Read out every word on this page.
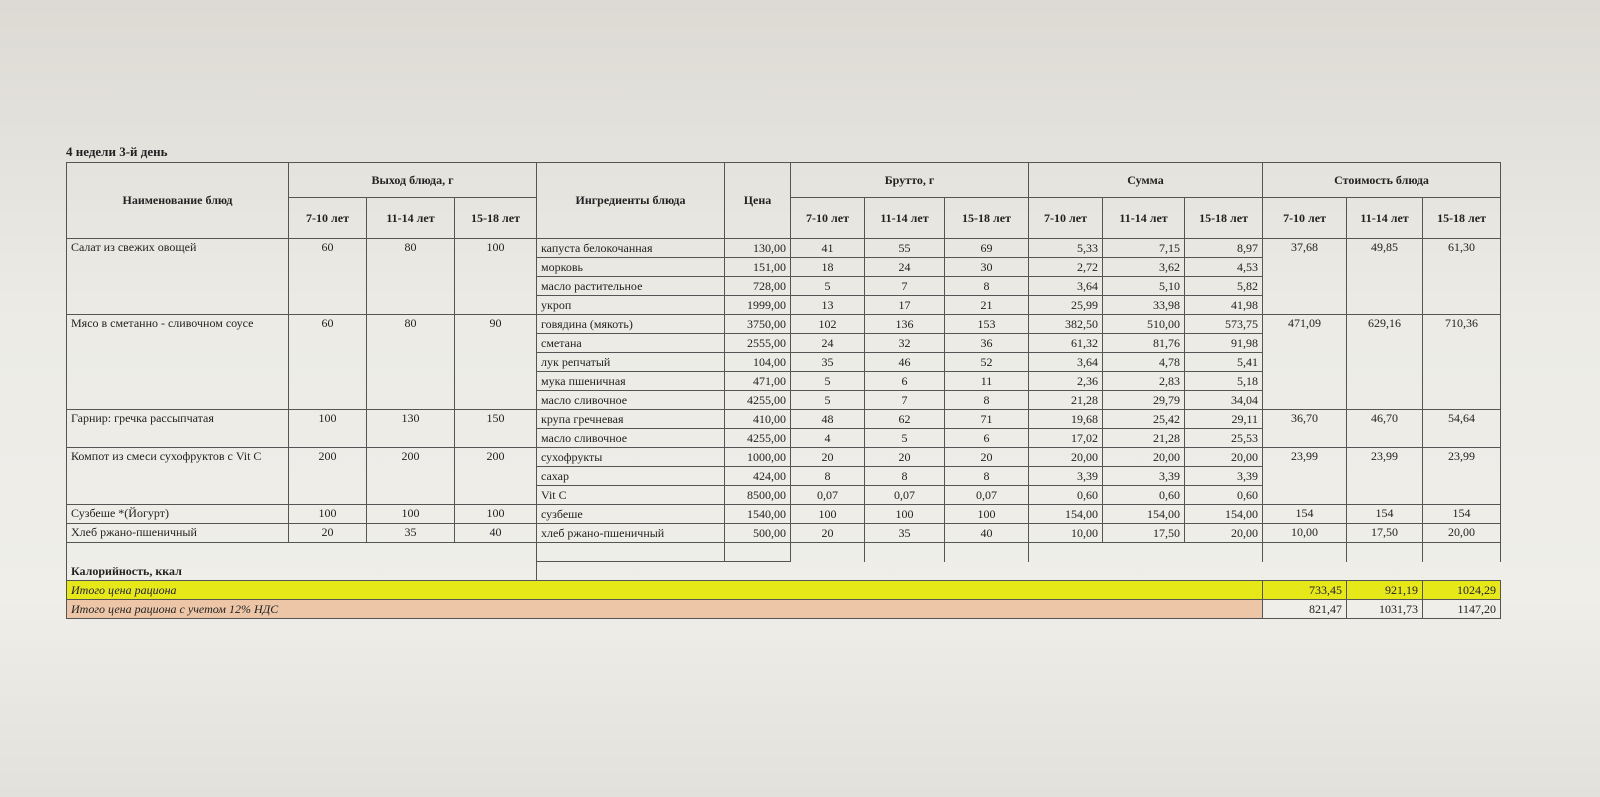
4 недели 3-й день
Наименование блюд	Выход блюда, г			Ингредиенты блюда	Цена	Брутто, г			Сумма			Стоимость блюда		
	7-10 лет	11-14 лет	15-18 лет			7-10 лет	11-14 лет	15-18 лет	7-10 лет	11-14 лет	15-18 лет	7-10 лет	11-14 лет	15-18 лет
Салат из свежих овощей	60	80	100	капуста белокочанная	130,00	41	55	69	5,33	7,15	8,97	37,68	49,85	61,30
				морковь	151,00	18	24	30	2,72	3,62	4,53			
				масло растительное	728,00	5	7	8	3,64	5,10	5,82			
				укроп	1999,00	13	17	21	25,99	33,98	41,98			
Мясо в сметанно - сливочном соусе	60	80	90	говядина (мякоть)	3750,00	102	136	153	382,50	510,00	573,75	471,09	629,16	710,36
				сметана	2555,00	24	32	36	61,32	81,76	91,98			
				лук репчатый	104,00	35	46	52	3,64	4,78	5,41			
				мука пшеничная	471,00	5	6	11	2,36	2,83	5,18			
				масло сливочное	4255,00	5	7	8	21,28	29,79	34,04			
Гарнир: гречка рассыпчатая	100	130	150	крупа гречневая	410,00	48	62	71	19,68	25,42	29,11	36,70	46,70	54,64
				масло сливочное	4255,00	4	5	6	17,02	21,28	25,53			
Компот из смеси сухофруктов с Vit C	200	200	200	сухофрукты	1000,00	20	20	20	20,00	20,00	20,00	23,99	23,99	23,99
				сахар	424,00	8	8	8	3,39	3,39	3,39			
				Vit C	8500,00	0,07	0,07	0,07	0,60	0,60	0,60			
Сузбеше *(Йогурт)	100	100	100	сузбеше	1540,00	100	100	100	154,00	154,00	154,00	154	154	154
Хлеб ржано-пшеничный	20	35	40	хлеб ржано-пшеничный	500,00	20	35	40	10,00	17,50	20,00	10,00	17,50	20,00

Калорийность, ккал														
Итого цена рациона												733,45	921,19	1024,29
Итого цена рациона с учетом 12% НДС												821,47	1031,73	1147,20
